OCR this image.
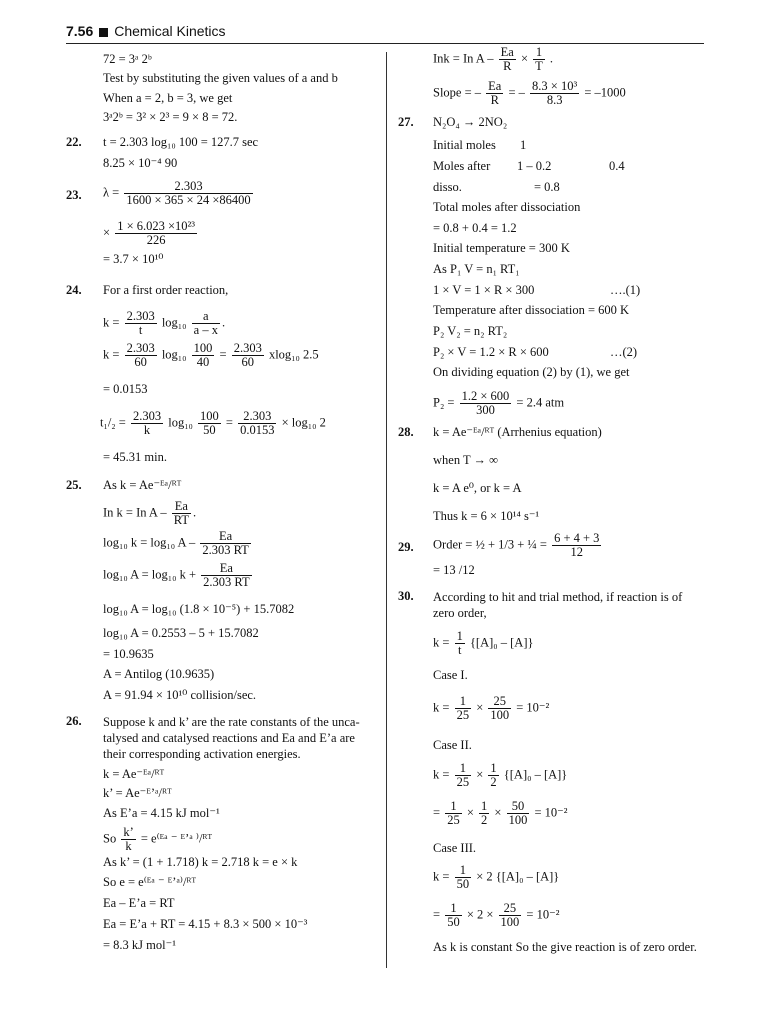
7.56 Chemical Kinetics
72 = 3ᵃ 2ᵇ
Test by substituting the given values of a and b
When a = 2, b = 3, we get
3ᵃ2ᵇ = 3² × 2³ = 9 × 8 = 72.
22. t = 2.303 log₁₀ 100 = 127.7 sec
8.25 × 10⁻⁴ 90
23. $\lambda = \frac{2.303}{1600 \times 365 \times 24 \times 86400}$
× $\frac{\text{1 × 6.023 ×10²³}}{226}$
= 3.7 × 10¹⁰
24. For a first order reaction,
$k = \frac{2.303}{t} \log_{10} \frac{a}{a - x}$ .
$k = \frac{2.303}{60} \log_{10} \frac{100}{40} = \frac{2.303}{60} xlog_{10}$ 2.5
= 0.0153
$t_1/_2 = \frac{2.303}{k} \log_{10} \frac{100}{50} = \frac{2.303}{0.0153} \times \log_{10}$ 2
= 45.31 min.
25. As k = Ae⁻ᴱᵃ/ᴿᵀ
In k = In A – $\frac{Ea}{RT}$ .
log₁₀ k = log₁₀ A – $\frac{Ea}{2.303 RT}$
log₁₀ A = log₁₀ $k + \frac{Ea}{2.303 RT}$
log₁₀ A = log₁₀ (1.8 × 10⁻⁵) + 15.7082
log₁₀ A = 0.2553 – 5 + 15.7082
= 10.9635
A = Antilog (10.9635)
A = 91.94 × 10¹⁰ collision/sec.
26. Suppose k and k’ are the rate constants of the unca-talysed and catalysed reactions and Ea and E’a are their corresponding activation energies.
k = Ae⁻ᴱᵃ/ᴿᵀ
k’ = Ae⁻ᴱ’ᵃ/ᴿᵀ
As E’a = 4.15 kJ mol⁻¹
So $\frac{k’}{k}$ = e⁽ᴱᵃ ⁻ ᴱ’ᵃ ⁾/ᴿᵀ
As k’ = (1 + 1.718) k = 2.718 k = e × k
So e = e⁽ᴱᵃ ⁻ ᴱ’ᵃ⁾/ᴿᵀ
Ea – E’a = RT
Ea = E’a + RT = 4.15 + 8.3 × 500 × 10⁻³
= 8.3 kJ mol⁻¹
Ink = In $A - \frac{Ea}{R} \times \frac{1}{T}$ .
Slope = – $\frac{Ea}{R}$ = – $\frac{\text{8.3 × 10³}}{8.3} = -1000$
27. N₂O₄ → 2NO₂
Initial moles 1
Moles after 1 – 0.2	0.4
disso.	= 0.8
Total moles after dissociation
= 0.8 + 0.4 = 1.2
Initial temperature = 300 K
As P₁ V = n₁ RT₁
1 × V = 1 × R × 300	….(1)
Temperature after dissociation = 600 K
P₂ V₂ = n₂ RT₂
P₂ × V = 1.2 × R × 600	…(2)
On dividing equation (2) by (1), we get
$P_2 = \frac{1.2 \times 600}{300} = 2.4$ atm
28. k = Ae⁻ᴱᵃ/ᴿᵀ (Arrhenius equation)
when T → ∞
k = A e⁰, or k = A
Thus k = 6 × 10¹⁴ s⁻¹
29. Order = ½ + 1/3 + ¼ = $\frac{6 + 4 + 3}{12}$
= 13 /12
30. According to hit and trial method, if reaction is of zero order,
$k = \frac{1}{t} \{[A]_0 - [A]\}$
Case I.
$k = \frac{1}{25} \times \frac{25}{100} = 10^{-2}$
Case II.
$k = \frac{1}{25} \times \frac{1}{2} \{[A]_0 - [A]\}$
= $\frac{1}{25} \times \frac{1}{2} \times \frac{50}{100} = 10^{-2}$
Case III.
$k = \frac{1}{50} \times 2$ {[A]₀ – [A]}
= $\frac{1}{50} \times 2 \times \frac{25}{100} = 10^{-2}$
As k is constant So the give reaction is of zero order.
